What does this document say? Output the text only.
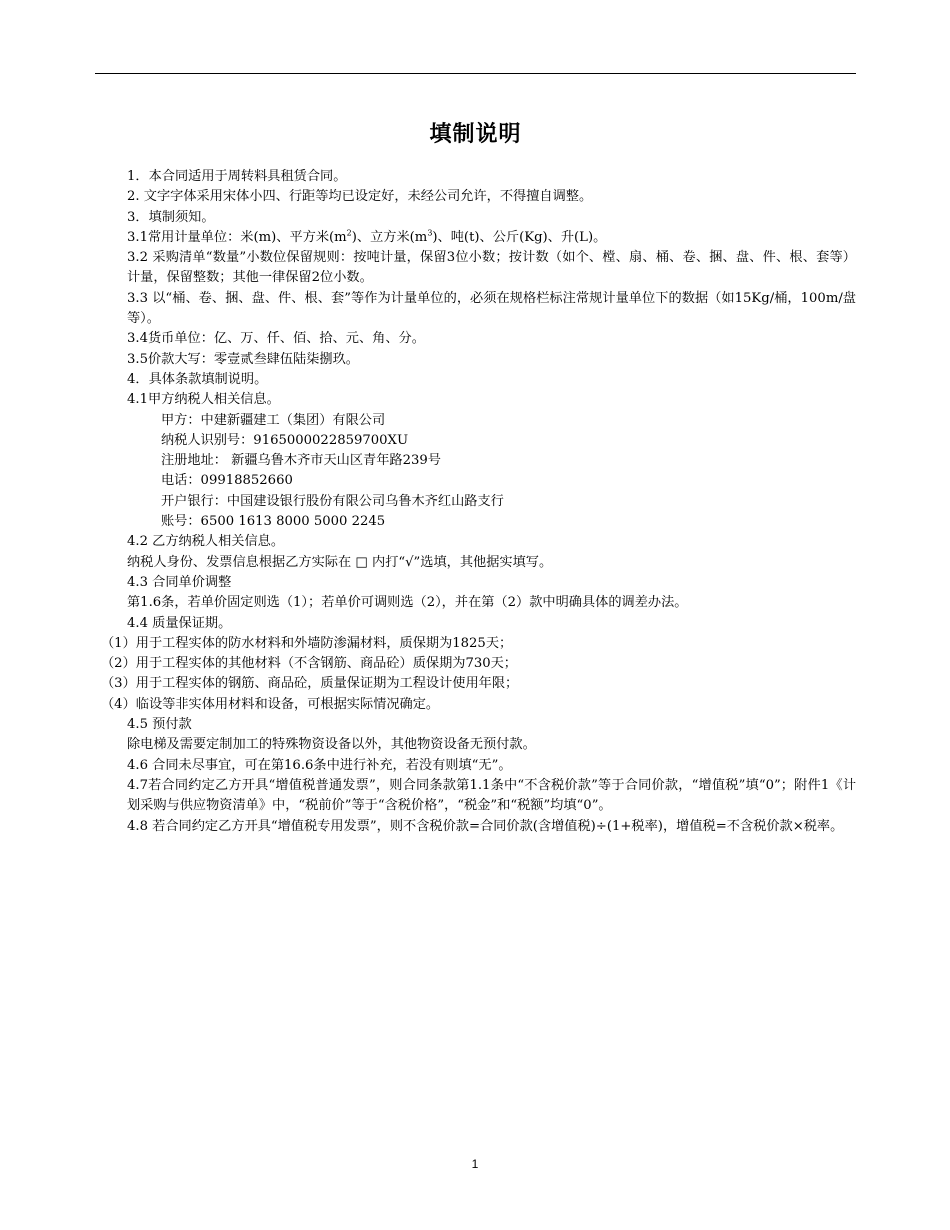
填制说明

1．本合同适用于周转料具租赁合同。

2. 文字字体采用宋体小四、行距等均已设定好，未经公司允许，不得擅自调整。

3．填制须知。

3.1常用计量单位：米(m)、平方米$(m^2)$、立方米$(m^3)$、吨(t)、公斤(Kg)、升(L)。

3.2 采购清单“数量”小数位保留规则：按吨计量，保留3位小数；按计数（如个、樘、扇、桶、卷、捆、盘、件、根、套等）计量，保留整数；其他一律保留2位小数。

3.3 以“桶、卷、捆、盘、件、根、套”等作为计量单位的，必须在规格栏标注常规计量单位下的数据（如15Kg/桶，100m/盘等）。

3.4货币单位：亿、万、仟、佰、拾、元、角、分。

3.5价款大写：零壹贰叁肆伍陆柒捌玖。

4．具体条款填制说明。

4.1甲方纳税人相关信息。

甲方：中建新疆建工（集团）有限公司

纳税人识别号：9165000022859700XU

注册地址： 新疆乌鲁木齐市天山区青年路239号

电话：09918852660

开户银行：中国建设银行股份有限公司乌鲁木齐红山路支行

账号：6500 1613 8000 5000 2245

4.2 乙方纳税人相关信息。

纳税人身份、发票信息根据乙方实际在 □ 内打“√”选填，其他据实填写。

4.3 合同单价调整

第1.6条，若单价固定则选（1）；若单价可调则选（2），并在第（2）款中明确具体的调差办法。

4.4 质量保证期。

（1）用于工程实体的防水材料和外墙防渗漏材料，质保期为1825天；

（2）用于工程实体的其他材料（不含钢筋、商品砼）质保期为730天；

（3）用于工程实体的钢筋、商品砼，质量保证期为工程设计使用年限；

（4）临设等非实体用材料和设备，可根据实际情况确定。

4.5 预付款

除电梯及需要定制加工的特殊物资设备以外，其他物资设备无预付款。

4.6 合同未尽事宜，可在第16.6条中进行补充，若没有则填“无”。

4.7若合同约定乙方开具“增值税普通发票”，则合同条款第1.1条中“不含税价款”等于合同价款，“增值税”填“0”；附件1《计划采购与供应物资清单》中，“税前价”等于“含税价格”，“税金”和“税额”均填“0”。

4.8 若合同约定乙方开具“增值税专用发票”，则不含税价款=合同价款(含增值税)÷(1+税率)，增值税=不含税价款×税率。

1
